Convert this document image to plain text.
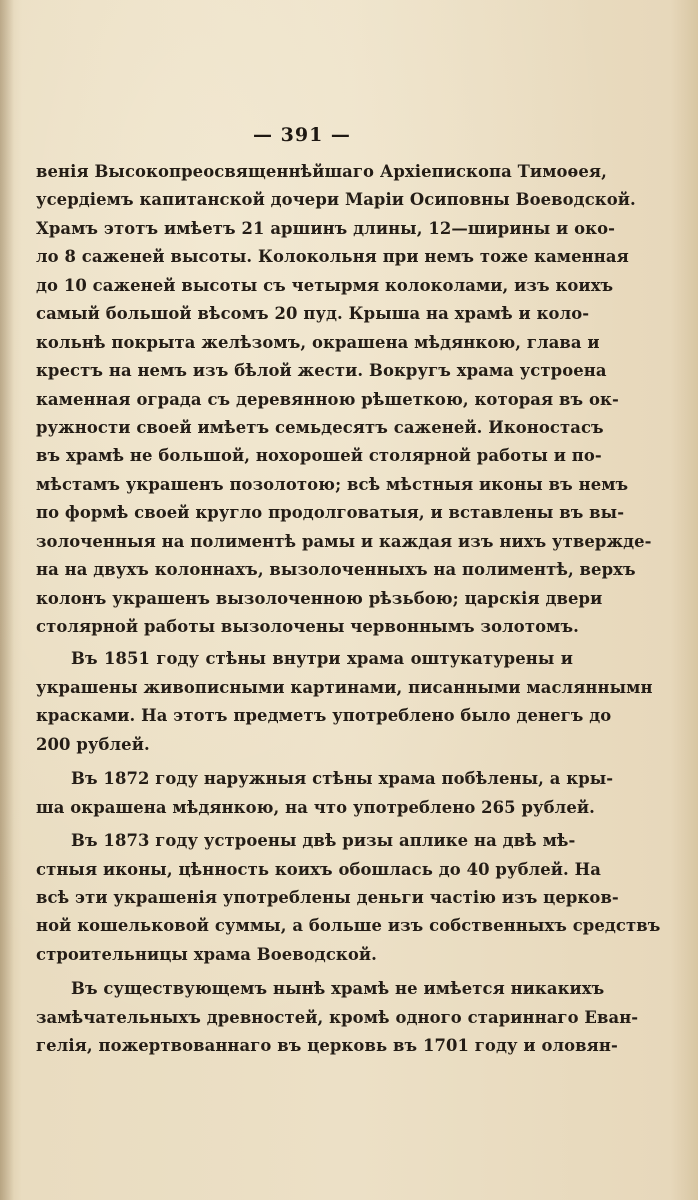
— 391 —
венія Высокопреосвященнѣйшаго Архіепископа Тимоѳея,
усердіемъ капитанской дочери Маріи Осиповны Воеводской.
Храмъ этотъ имѣетъ 21 аршинъ длины, 12—ширины и око-
ло 8 саженей высоты. Колокольня при немъ тоже каменная
до 10 саженей высоты съ четырмя колоколами, изъ коихъ
самый большой вѣсомъ 20 пуд. Крыша на храмѣ и коло-
кольнѣ покрыта желѣзомъ, окрашена мѣдянкою, глава и
крестъ на немъ изъ бѣлой жести. Вокругъ храма устроена
каменная ограда съ деревянною рѣшеткою, которая въ ок-
ружности своей имѣетъ семьдесятъ саженей. Иконостасъ
въ храмѣ не большой, нохорошей столярной работы и по-
мѣстамъ украшенъ позолотою; всѣ мѣстныя иконы въ немъ
по формѣ своей кругло продолговатыя, и вставлены въ вы-
золоченныя на полиментѣ рамы и каждая изъ нихъ утвержде-
на на двухъ колоннахъ, вызолоченныхъ на полиментѣ, верхъ
колонъ украшенъ вызолоченною рѣзьбою; царскія двери
столярной работы вызолочены червоннымъ золотомъ.
Въ 1851 году стѣны внутри храма оштукатурены и
украшены живописными картинами, писанными масляннымн
красками. На этотъ предметъ употреблено было денегъ до
200 рублей.
Въ 1872 году наружныя стѣны храма побѣлены, а кры-
ша окрашена мѣдянкою, на что употреблено 265 рублей.
Въ 1873 году устроены двѣ ризы аплике на двѣ мѣ-
стныя иконы, цѣнность коихъ обошлась до 40 рублей. На
всѣ эти украшенія употреблены деньги частію изъ церков-
ной кошельковой суммы, а больше изъ собственныхъ средствъ
строительницы храма Воеводской.
Въ существующемъ нынѣ храмѣ не имѣется никакихъ
замѣчательныхъ древностей, кромѣ одного стариннаго Еван-
гелія, пожертвованнаго въ церковь въ 1701 году и оловян-
